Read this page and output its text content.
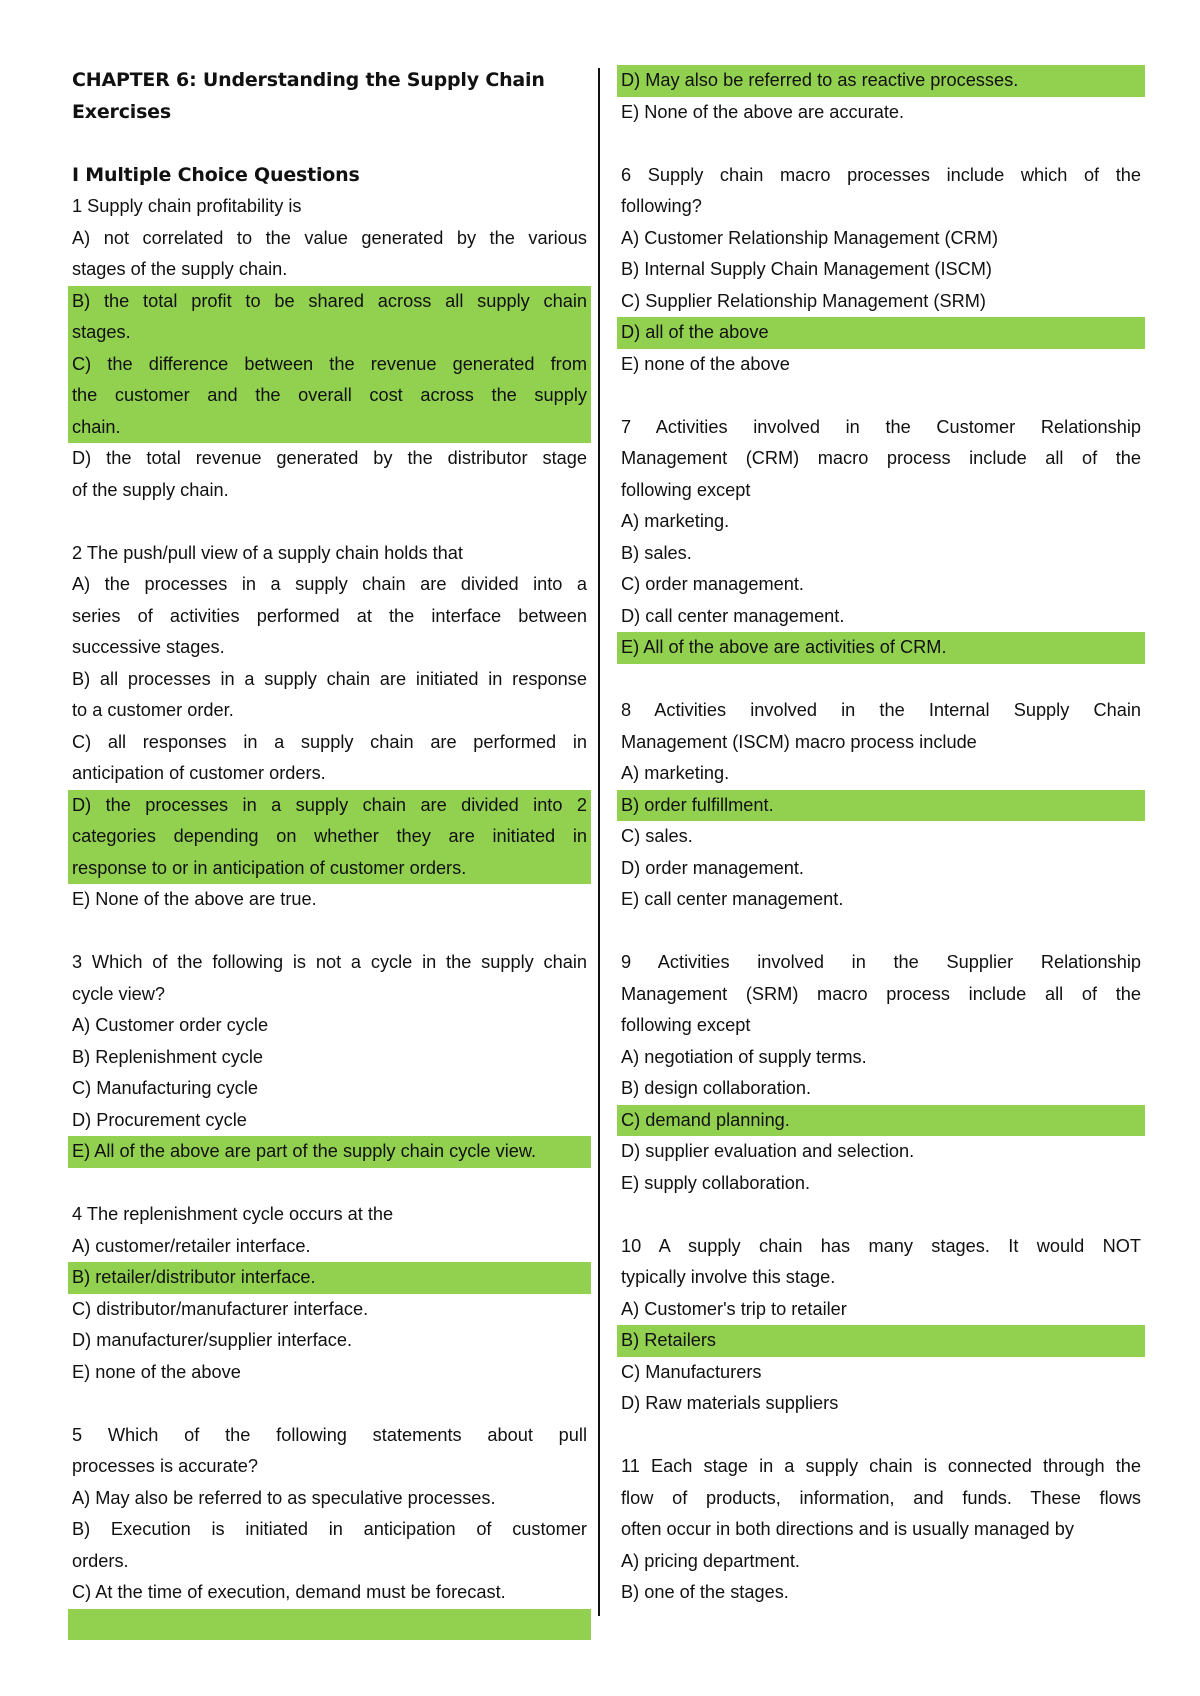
CHAPTER 6: Understanding the Supply Chain
Exercises
I Multiple Choice Questions
1 Supply chain profitability is
A) not correlated to the value generated by the various
stages of the supply chain.
B) the total profit to be shared across all supply chain
stages.
C) the difference between the revenue generated from
the customer and the overall cost across the supply
chain.
D) the total revenue generated by the distributor stage
of the supply chain.
2 The push/pull view of a supply chain holds that
A) the processes in a supply chain are divided into a
series of activities performed at the interface between
successive stages.
B) all processes in a supply chain are initiated in response
to a customer order.
C) all responses in a supply chain are performed in
anticipation of customer orders.
D) the processes in a supply chain are divided into 2
categories depending on whether they are initiated in
response to or in anticipation of customer orders.
E) None of the above are true.
3 Which of the following is not a cycle in the supply chain
cycle view?
A) Customer order cycle
B) Replenishment cycle
C) Manufacturing cycle
D) Procurement cycle
E) All of the above are part of the supply chain cycle view.
4 The replenishment cycle occurs at the
A) customer/retailer interface.
B) retailer/distributor interface.
C) distributor/manufacturer interface.
D) manufacturer/supplier interface.
E) none of the above
5 Which of the following statements about pull
processes is accurate?
A) May also be referred to as speculative processes.
B) Execution is initiated in anticipation of customer
orders.
C) At the time of execution, demand must be forecast.
D) May also be referred to as reactive processes.
E) None of the above are accurate.
6 Supply chain macro processes include which of the
following?
A) Customer Relationship Management (CRM)
B) Internal Supply Chain Management (ISCM)
C) Supplier Relationship Management (SRM)
D) all of the above
E) none of the above
7 Activities involved in the Customer Relationship
Management (CRM) macro process include all of the
following except
A) marketing.
B) sales.
C) order management.
D) call center management.
E) All of the above are activities of CRM.
8 Activities involved in the Internal Supply Chain
Management (ISCM) macro process include
A) marketing.
B) order fulfillment.
C) sales.
D) order management.
E) call center management.
9 Activities involved in the Supplier Relationship
Management (SRM) macro process include all of the
following except
A) negotiation of supply terms.
B) design collaboration.
C) demand planning.
D) supplier evaluation and selection.
E) supply collaboration.
10 A supply chain has many stages. It would NOT
typically involve this stage.
A) Customer's trip to retailer
B) Retailers
C) Manufacturers
D) Raw materials suppliers
11 Each stage in a supply chain is connected through the
flow of products, information, and funds. These flows
often occur in both directions and is usually managed by
A) pricing department.
B) one of the stages.
